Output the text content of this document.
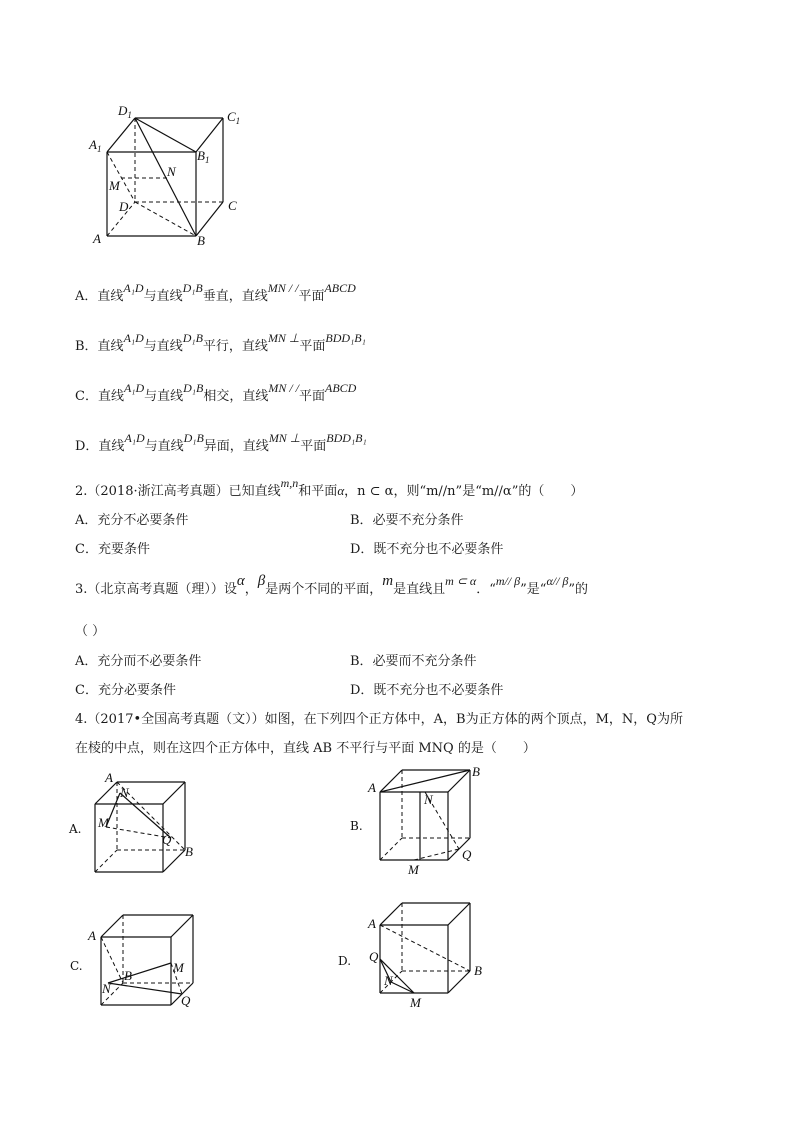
$D_1$	$C_1$
$A_1$	$B_1$
N
M
D	C
A	B
A．直线A₁D与直线D₁B垂直，直线MN / /平面ABCD
B．直线A₁D与直线D₁B平行，直线MN ⊥平面BDD₁B₁
C．直线A₁D与直线D₁B相交，直线MN / /平面ABCD
D．直线A₁D与直线D₁B异面，直线MN ⊥平面BDD₁B₁
2.（2018·浙江高考真题）已知直线m,n和平面α，n ⊂ α，则“m//n”是“m//α”的（　　）
A．充分不必要条件	B．必要不充分条件
C．充要条件	D．既不充分也不必要条件
3.（北京高考真题（理））设α，β是两个不同的平面，m是直线且m ⊂ α．“m// β”是“α// β”的
（ ）
A．充分而不必要条件	B．必要而不充分条件
C．充分必要条件	D．既不充分也不必要条件
4.（2017•全国高考真题（文））如图，在下列四个正方体中，A，B为正方体的两个顶点，M，N，Q为所
在棱的中点，则在这四个正方体中，直线 AB 不平行与平面 MNQ 的是（　　）
A.
A
N
M
Q
B
B.
A
B
N
Q
M
C.
A
B
M
N
Q
D.
A
B
Q
N
M
